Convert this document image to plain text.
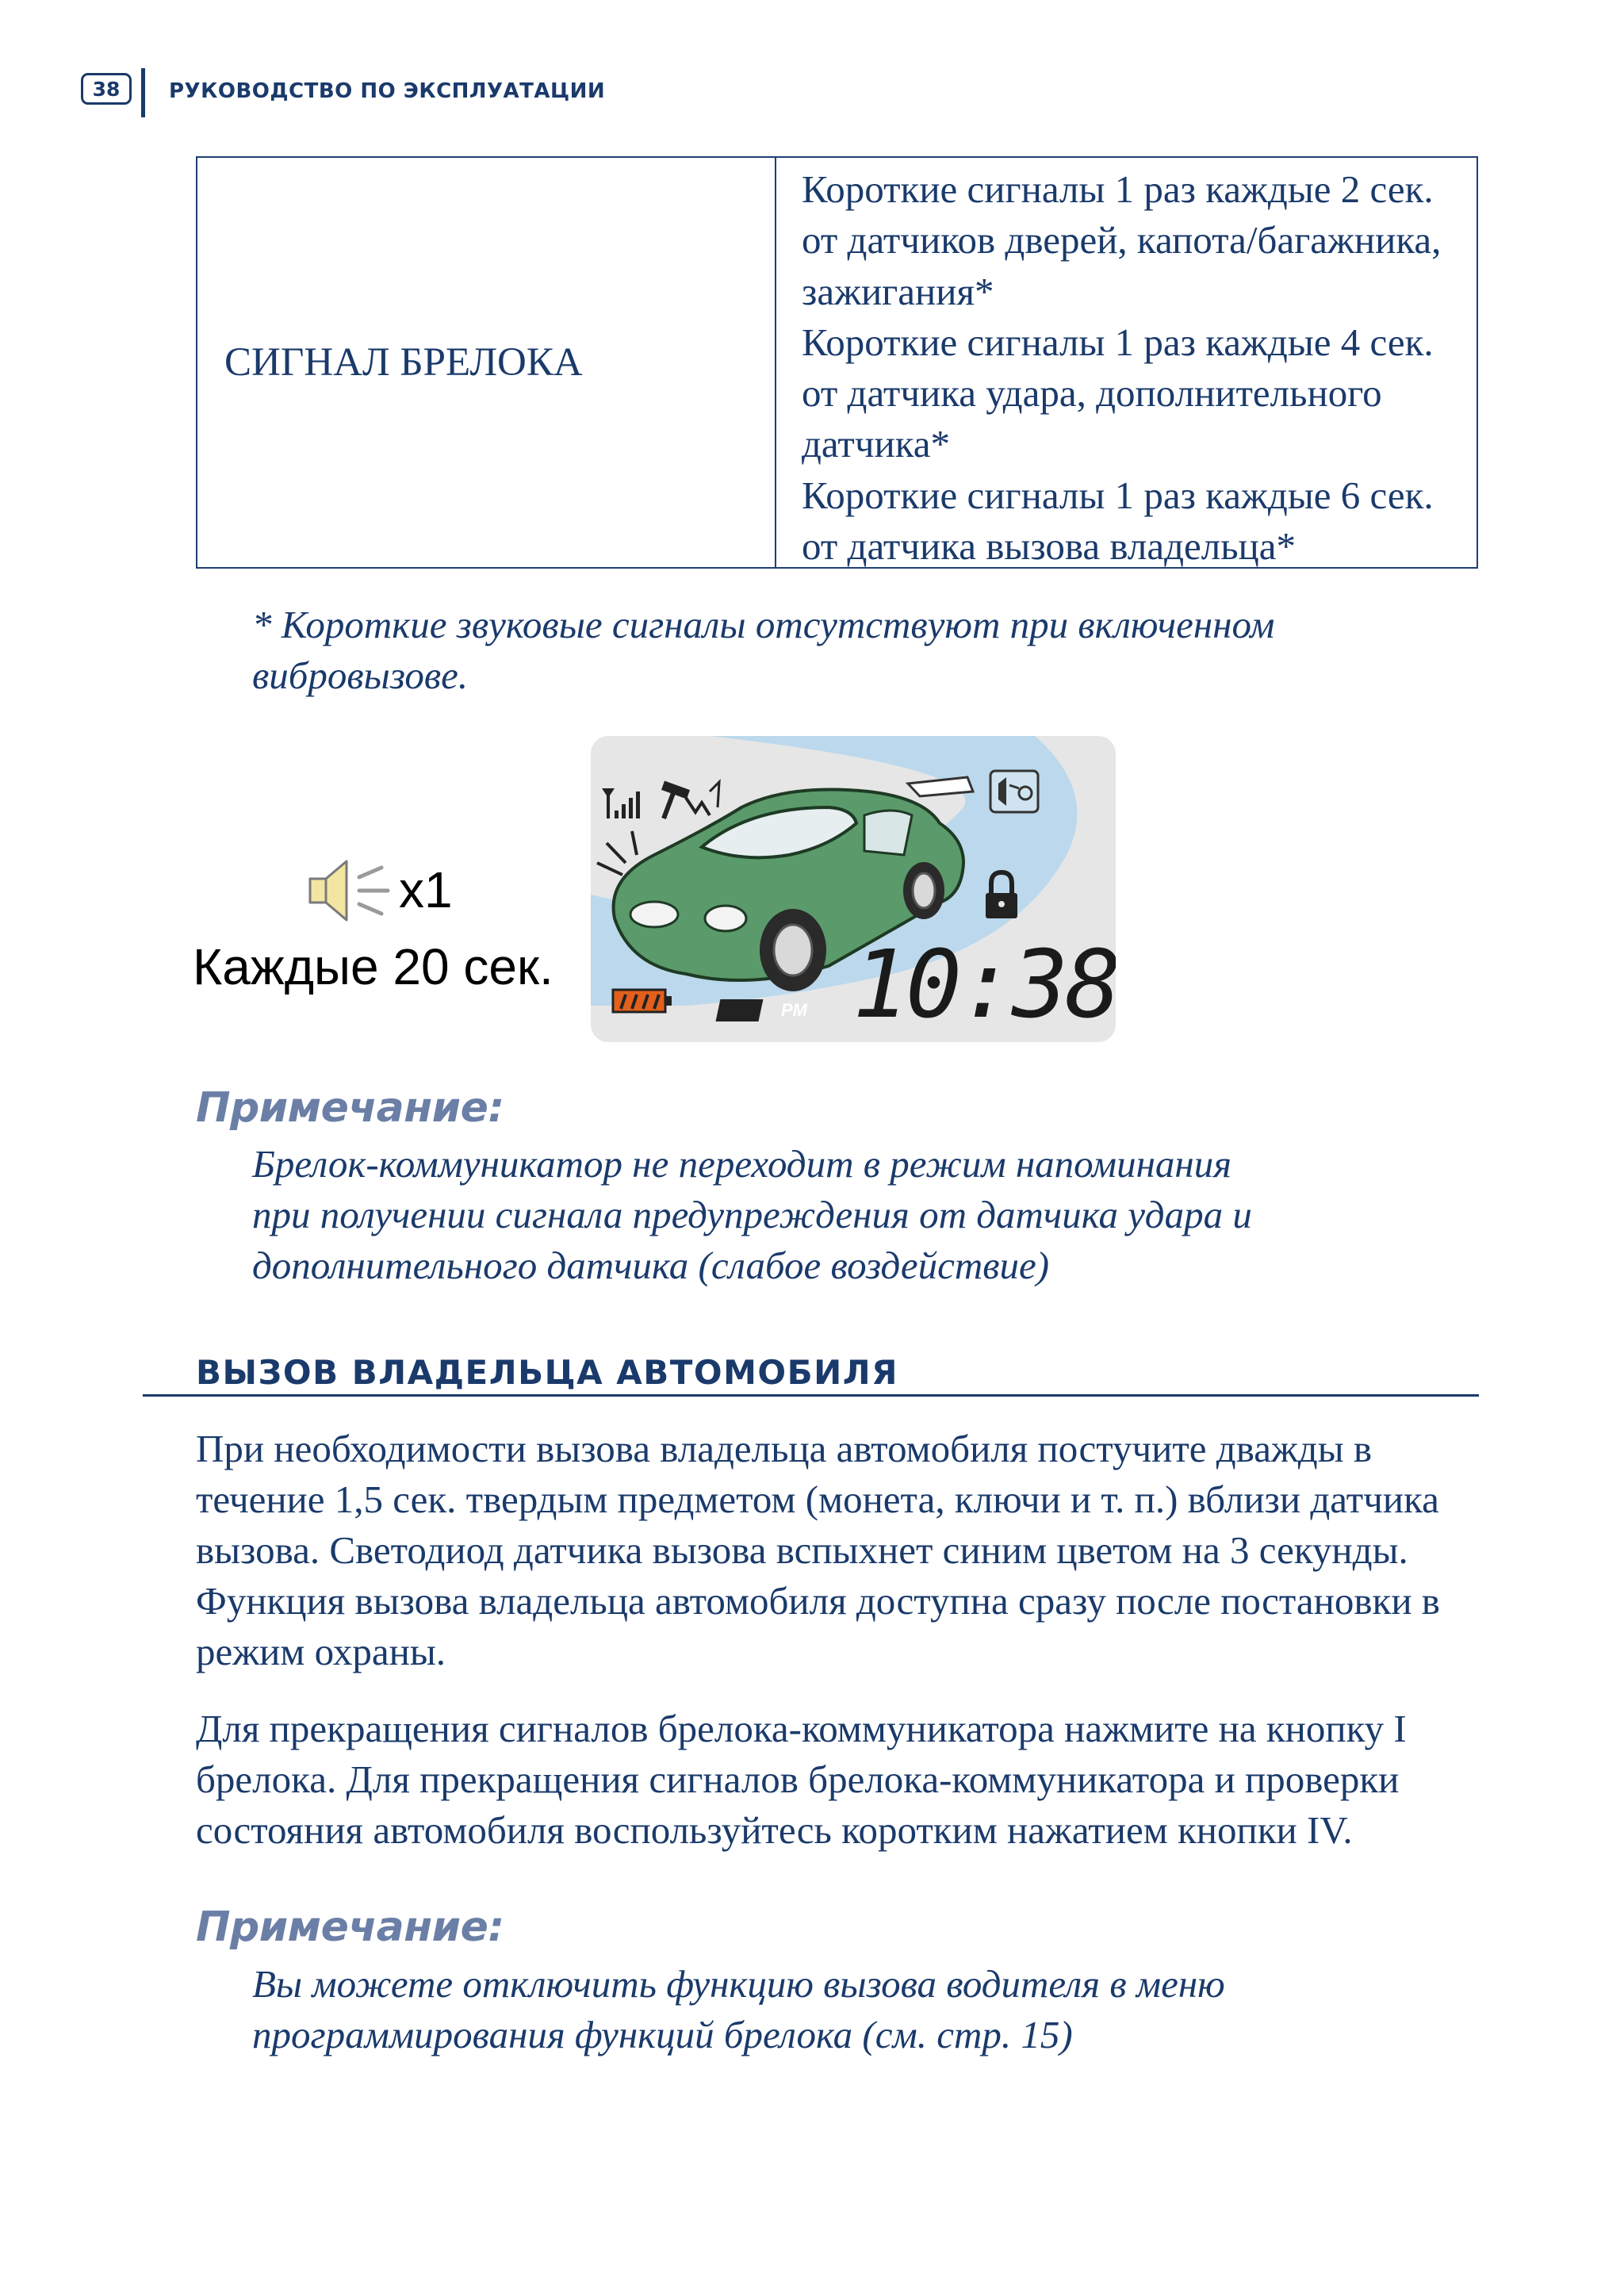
38	РУКОВОДСТВО ПО ЭКСПЛУАТАЦИИ
СИГНАЛ БРЕЛОКА
Короткие сигналы 1 раз каждые 2 сек.
от датчиков дверей, капота/багажника,
зажигания*
Короткие сигналы 1 раз каждые 4 сек.
от датчика удара, дополнительного
датчика*
Короткие сигналы 1 раз каждые 6 сек.
от датчика вызова владельца*
* Короткие звуковые сигналы отсутствуют при включенном
вибровызове.
x1
Каждые 20 сек.
PM 10:38
Примечание:
Брелок-коммуникатор не переходит в режим напоминания
при получении сигнала предупреждения от датчика удара и
дополнительного датчика (слабое воздействие)
ВЫЗОВ ВЛАДЕЛЬЦА АВТОМОБИЛЯ
При необходимости вызова владельца автомобиля постучите дважды в
течение 1,5 сек. твердым предметом (монета, ключи и т. п.) вблизи датчика
вызова. Светодиод датчика вызова вспыхнет синим цветом на 3 секунды.
Функция вызова владельца автомобиля доступна сразу после постановки в
режим охраны.
Для прекращения сигналов брелока-коммуникатора нажмите на кнопку I
брелока. Для прекращения сигналов брелока-коммуникатора и проверки
состояния автомобиля воспользуйтесь коротким нажатием кнопки IV.
Примечание:
Вы можете отключить функцию вызова водителя в меню
программирования функций брелока (см. стр. 15)
